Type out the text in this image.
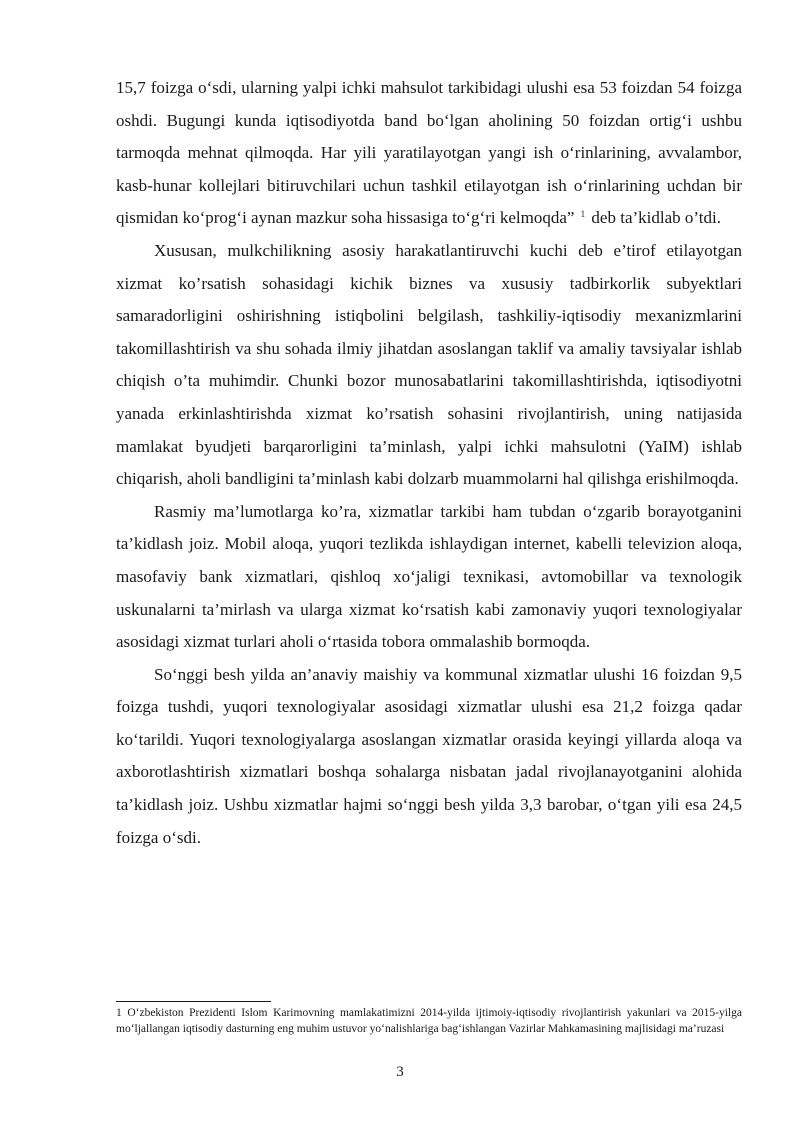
15,7 foizga o‘sdi, ularning yalpi ichki mahsulot tarkibidagi ulushi esa 53 foizdan 54 foizga oshdi. Bugungi kunda iqtisodiyotda band bo‘lgan aholining 50 foizdan ortig‘i ushbu tarmoqda mehnat qilmoqda. Har yili yaratilayotgan yangi ish o‘rinlarining, avvalambor, kasb-hunar kollejlari bitiruvchilari uchun tashkil etilayotgan ish o‘rinlarining uchdan bir qismidan ko‘prog‘i aynan mazkur soha hissasiga to‘g‘ri kelmoqda” $^1$ deb ta’kidlab o’tdi.

Xususan, mulkchilikning asosiy harakatlantiruvchi kuchi deb e’tirof etilayotgan xizmat ko’rsatish sohasidagi kichik biznes va xususiy tadbirkorlik subyektlari samaradorligini oshirishning istiqbolini belgilash, tashkiliy-iqtisodiy mexanizmlarini takomillashtirish va shu sohada ilmiy jihatdan asoslangan taklif va amaliy tavsiyalar ishlab chiqish o’ta muhimdir. Chunki bozor munosabatlarini takomillashtirishda, iqtisodiyotni yanada erkinlashtirishda xizmat ko’rsatish sohasini rivojlantirish, uning natijasida mamlakat byudjeti barqarorligini ta’minlash, yalpi ichki mahsulotni (YaIM) ishlab chiqarish, aholi bandligini ta’minlash kabi dolzarb muammolarni hal qilishga erishilmoqda.

Rasmiy ma’lumotlarga ko’ra, xizmatlar tarkibi ham tubdan o‘zgarib borayotganini ta’kidlash joiz. Mobil aloqa, yuqori tezlikda ishlaydigan internet, kabelli televizion aloqa, masofaviy bank xizmatlari, qishloq xo‘jaligi texnikasi, avtomobillar va texnologik uskunalarni ta’mirlash va ularga xizmat ko‘rsatish kabi zamonaviy yuqori texnologiyalar asosidagi xizmat turlari aholi o‘rtasida tobora ommalashib bormoqda.

So‘nggi besh yilda an’anaviy maishiy va kommunal xizmatlar ulushi 16 foizdan 9,5 foizga tushdi, yuqori texnologiyalar asosidagi xizmatlar ulushi esa 21,2 foizga qadar ko‘tarildi. Yuqori texnologiyalarga asoslangan xizmatlar orasida keyingi yillarda aloqa va axborotlashtirish xizmatlari boshqa sohalarga nisbatan jadal rivojlanayotganini alohida ta’kidlash joiz. Ushbu xizmatlar hajmi so‘nggi besh yilda 3,3 barobar, o‘tgan yili esa 24,5 foizga o‘sdi.

1 O‘zbekiston Prezidenti Islom Karimovning mamlakatimizni 2014-yilda ijtimoiy-iqtisodiy rivojlantirish yakunlari va 2015-yilga mo‘ljallangan iqtisodiy dasturning eng muhim ustuvor yo‘nalishlariga bag‘ishlangan Vazirlar Mahkamasining majlisidagi ma’ruzasi

3
